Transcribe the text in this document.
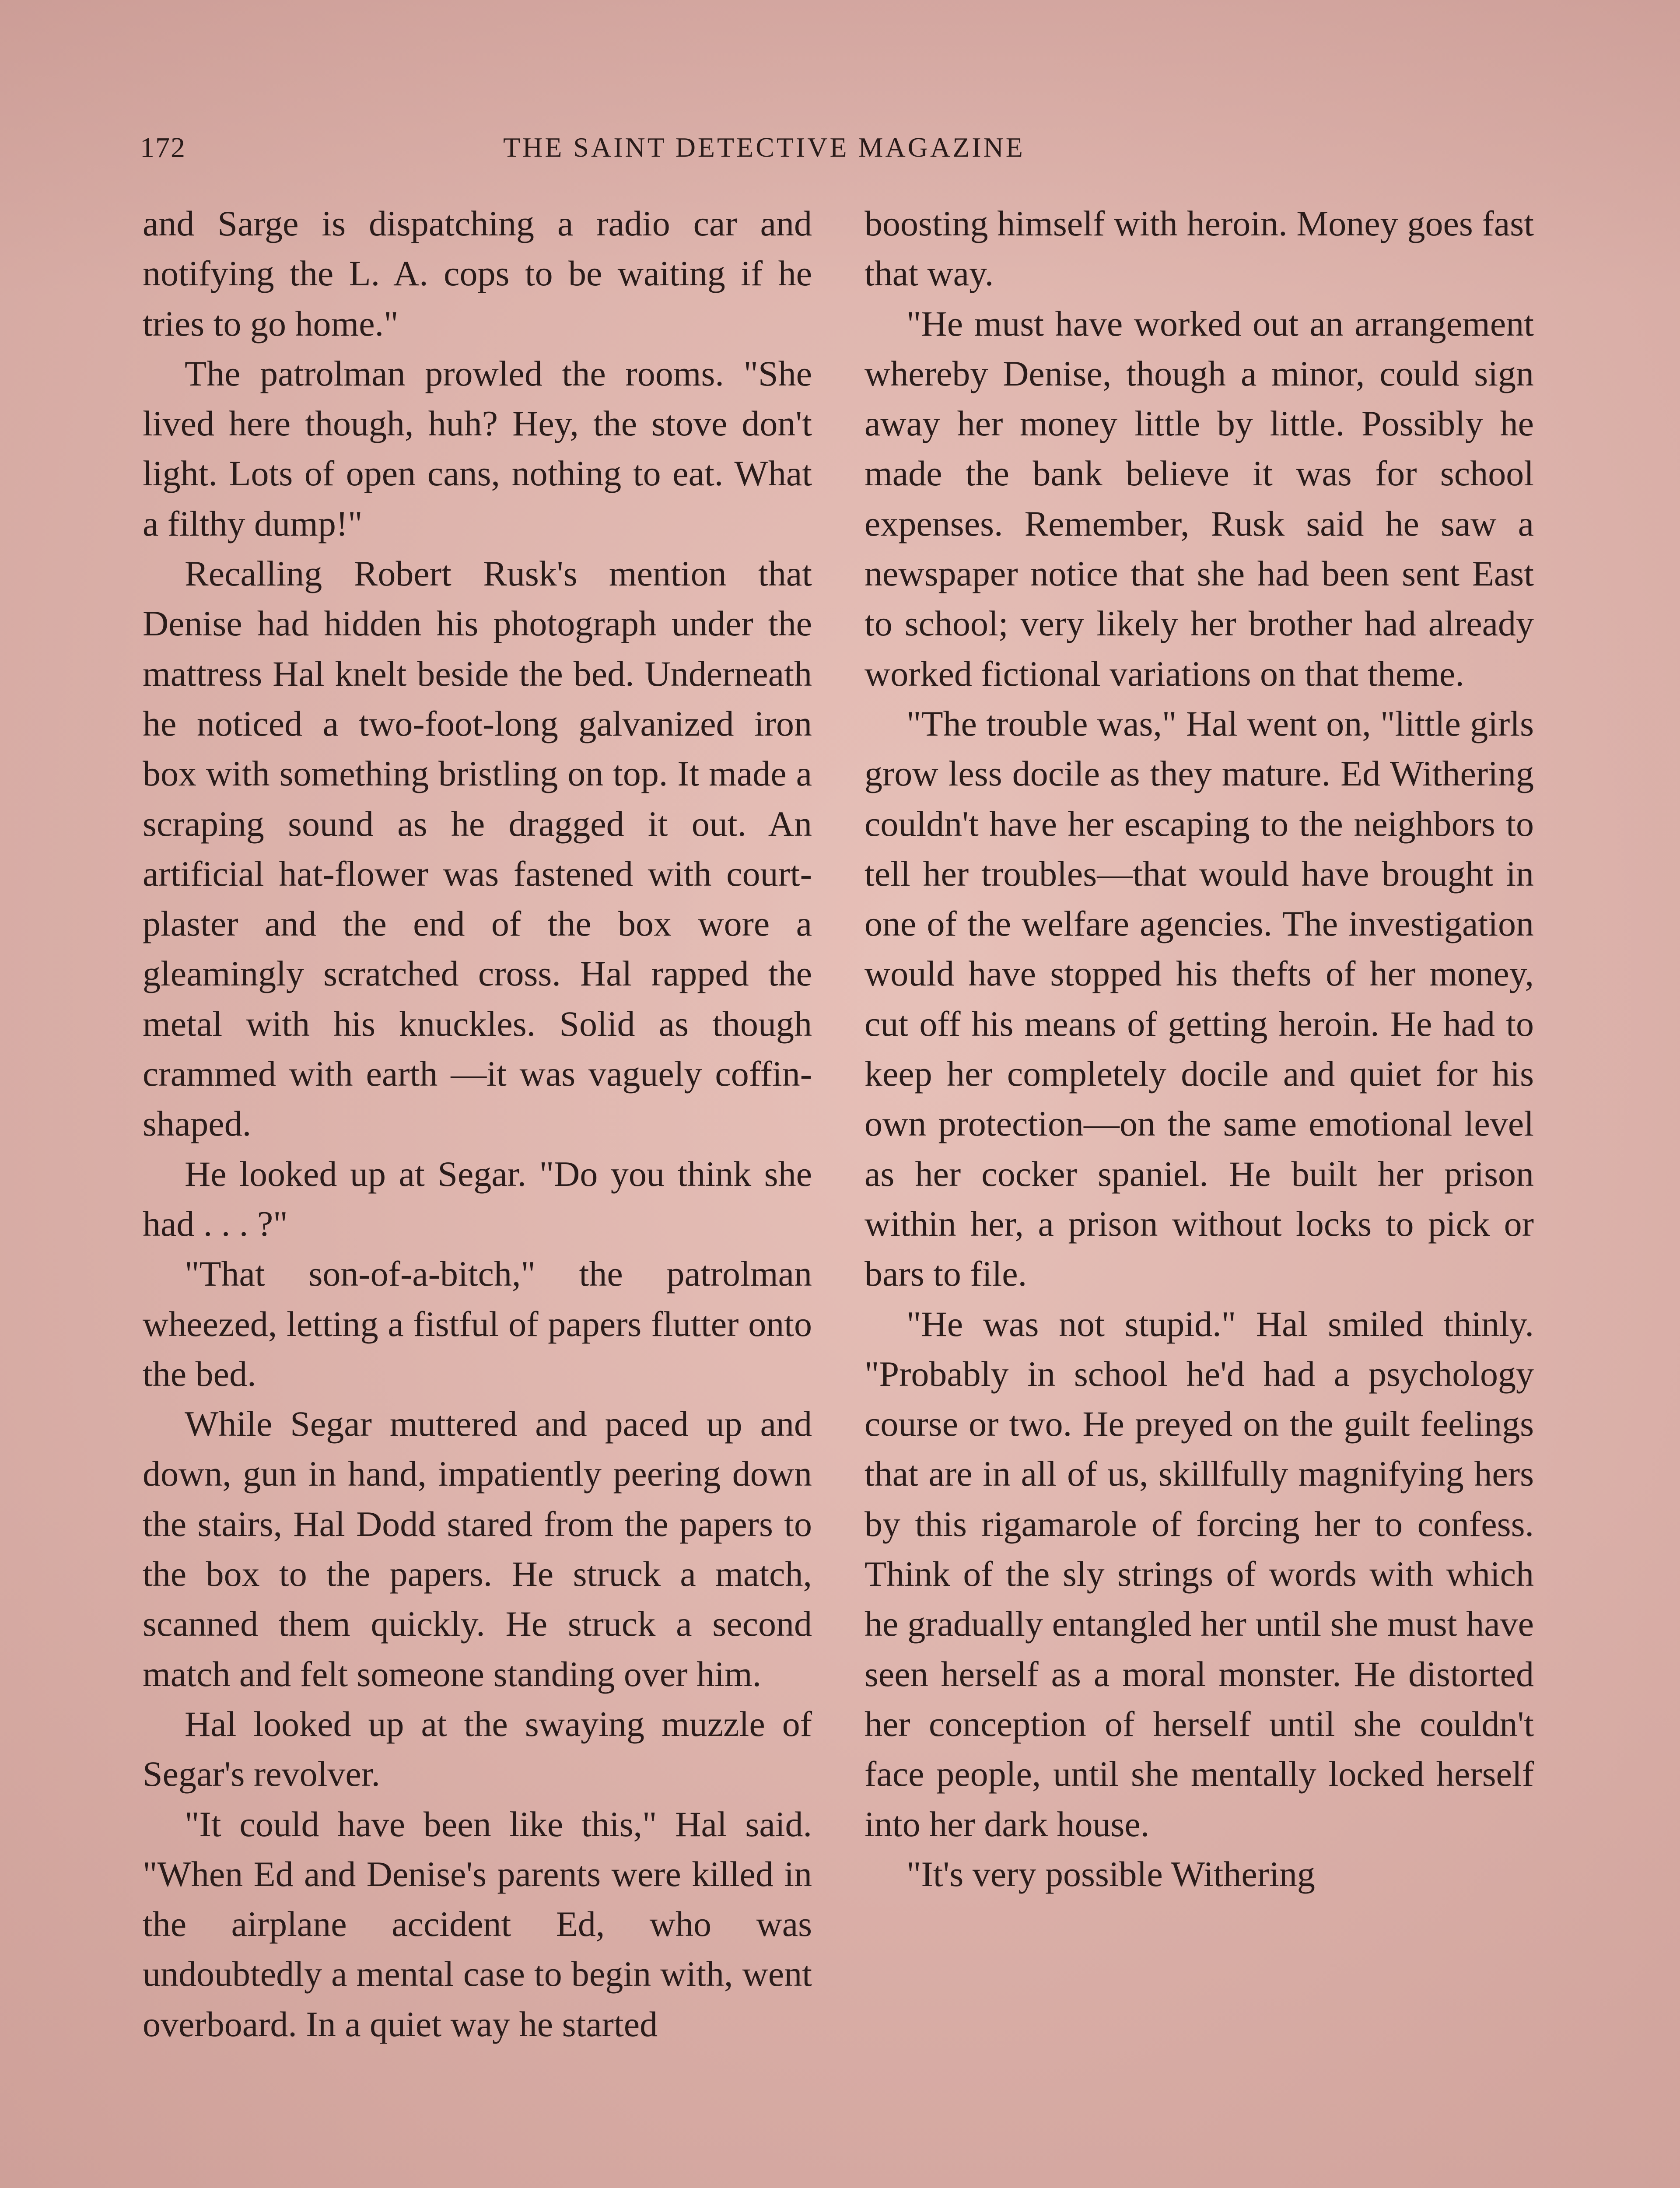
172	THE SAINT DETECTIVE MAGAZINE

and Sarge is dispatching a radio car and notifying the L. A. cops to be waiting if he tries to go home."

The patrolman prowled the rooms. "She lived here though, huh? Hey, the stove don't light. Lots of open cans, nothing to eat. What a filthy dump!"

Recalling Robert Rusk's mention that Denise had hidden his photograph under the mattress Hal knelt beside the bed. Underneath he noticed a two-foot-long galvanized iron box with something bristling on top. It made a scraping sound as he dragged it out. An artificial hat-flower was fastened with court-plaster and the end of the box wore a gleamingly scratched cross. Hal rapped the metal with his knuckles. Solid as though crammed with earth —it was vaguely coffin-shaped.

He looked up at Segar. "Do you think she had . . . ?"

"That son-of-a-bitch," the patrolman wheezed, letting a fistful of papers flutter onto the bed.

While Segar muttered and paced up and down, gun in hand, impatiently peering down the stairs, Hal Dodd stared from the papers to the box to the papers. He struck a match, scanned them quickly. He struck a second match and felt someone standing over him.

Hal looked up at the swaying muzzle of Segar's revolver.

"It could have been like this," Hal said. "When Ed and Denise's parents were killed in the airplane accident Ed, who was undoubtedly a mental case to begin with, went overboard. In a quiet way he started

boosting himself with heroin. Money goes fast that way.

"He must have worked out an arrangement whereby Denise, though a minor, could sign away her money little by little. Possibly he made the bank believe it was for school expenses. Remember, Rusk said he saw a newspaper notice that she had been sent East to school; very likely her brother had already worked fictional variations on that theme.

"The trouble was," Hal went on, "little girls grow less docile as they mature. Ed Withering couldn't have her escaping to the neighbors to tell her troubles—that would have brought in one of the welfare agencies. The investigation would have stopped his thefts of her money, cut off his means of getting heroin. He had to keep her completely docile and quiet for his own protection—on the same emotional level as her cocker spaniel. He built her prison within her, a prison without locks to pick or bars to file.

"He was not stupid." Hal smiled thinly. "Probably in school he'd had a psychology course or two. He preyed on the guilt feelings that are in all of us, skillfully magnifying hers by this rigamarole of forcing her to confess. Think of the sly strings of words with which he gradually entangled her until she must have seen herself as a moral monster. He distorted her conception of herself until she couldn't face people, until she mentally locked herself into her dark house.

"It's very possible Withering
